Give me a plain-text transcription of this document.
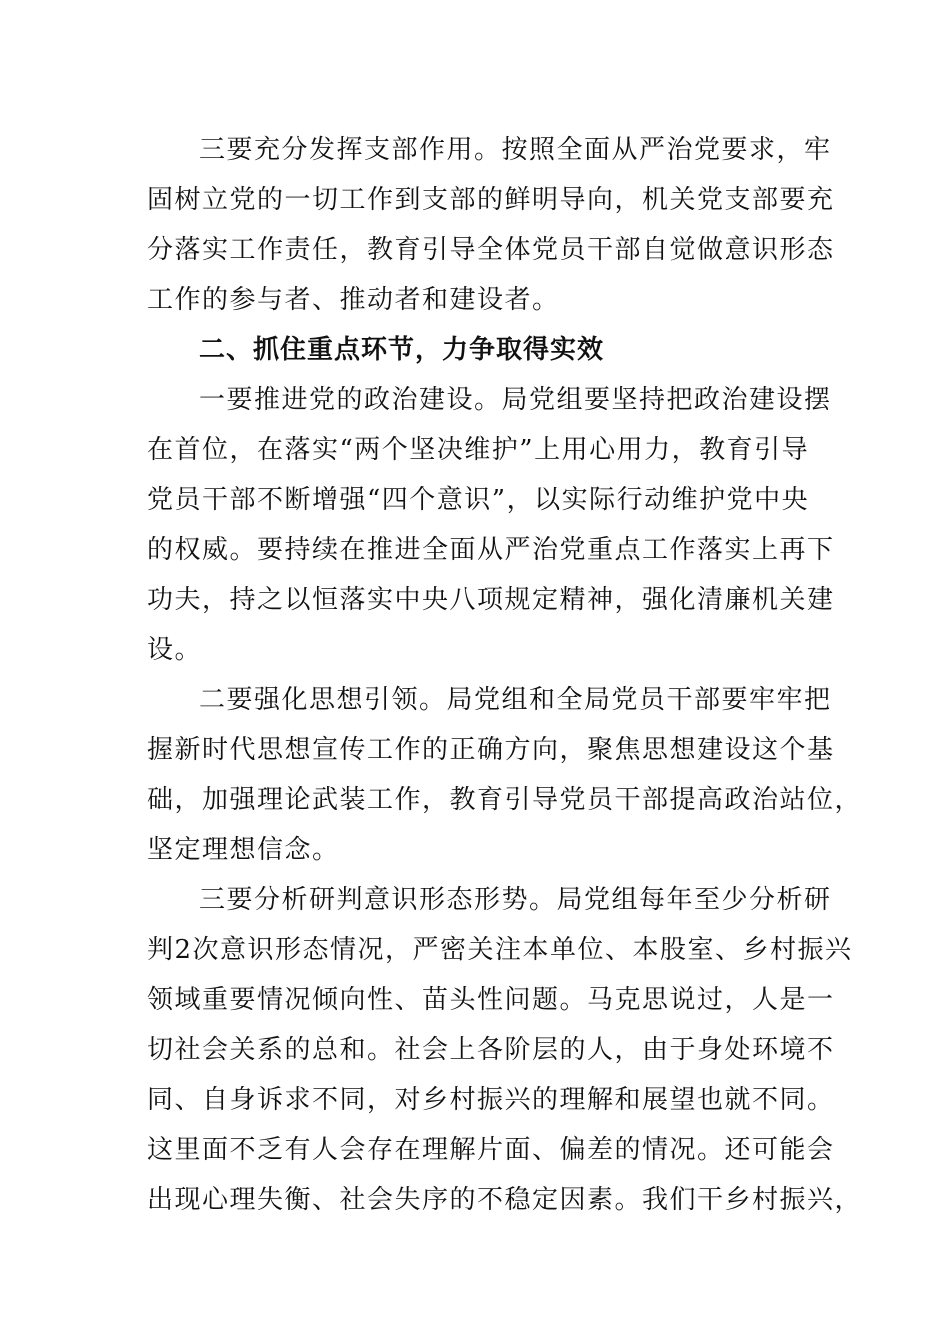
三要充分发挥支部作用。按照全面从严治党要求，牢
固树立党的一切工作到支部的鲜明导向，机关党支部要充
分落实工作责任，教育引导全体党员干部自觉做意识形态
工作的参与者、推动者和建设者。
二、抓住重点环节，力争取得实效
一要推进党的政治建设。局党组要坚持把政治建设摆
在首位，在落实“两个坚决维护”上用心用力，教育引导
党员干部不断增强“四个意识”，以实际行动维护党中央
的权威。要持续在推进全面从严治党重点工作落实上再下
功夫，持之以恒落实中央八项规定精神，强化清廉机关建
设。
二要强化思想引领。局党组和全局党员干部要牢牢把
握新时代思想宣传工作的正确方向，聚焦思想建设这个基
础，加强理论武装工作，教育引导党员干部提高政治站位，
坚定理想信念。
三要分析研判意识形态形势。局党组每年至少分析研
判2次意识形态情况，严密关注本单位、本股室、乡村振兴
领域重要情况倾向性、苗头性问题。马克思说过，人是一
切社会关系的总和。社会上各阶层的人，由于身处环境不
同、自身诉求不同，对乡村振兴的理解和展望也就不同。
这里面不乏有人会存在理解片面、偏差的情况。还可能会
出现心理失衡、社会失序的不稳定因素。我们干乡村振兴，
